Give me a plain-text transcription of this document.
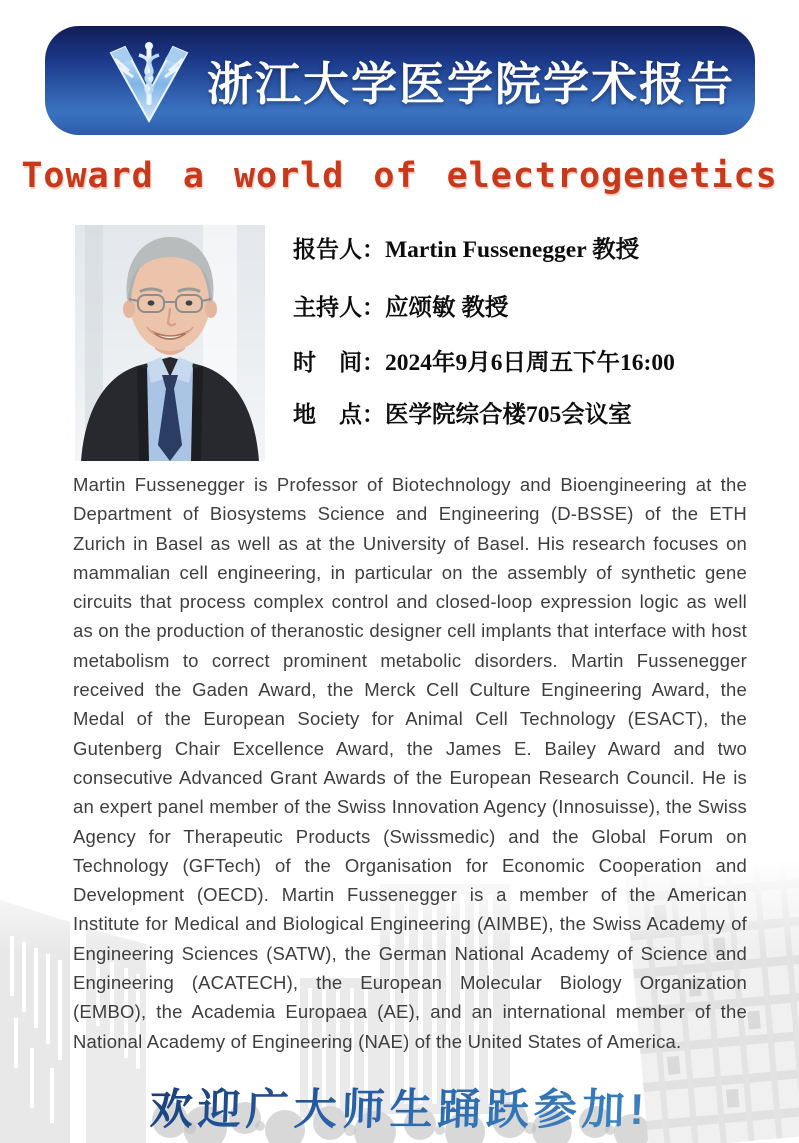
浙江大学医学院学术报告
Toward a world of electrogenetics
报告人：Martin Fussenegger 教授
主持人：应颂敏 教授
时　间：2024年9月6日周五下午16:00
地　点：医学院综合楼705会议室
Martin Fussenegger is Professor of Biotechnology and Bioengineering at the Department of Biosystems Science and Engineering (D-BSSE) of the ETH Zurich in Basel as well as at the University of Basel. His research focuses on mammalian cell engineering, in particular on the assembly of synthetic gene circuits that process complex control and closed-loop expression logic as well as on the production of theranostic designer cell implants that interface with host metabolism to correct prominent metabolic disorders. Martin Fussenegger received the Gaden Award, the Merck Cell Culture Engineering Award, the Medal of the European Society for Animal Cell Technology (ESACT), the Gutenberg Chair Excellence Award, the James E. Bailey Award and two consecutive Advanced Grant Awards of the European Research Council. He is an expert panel member of the Swiss Innovation Agency (Innosuisse), the Swiss Agency for Therapeutic Products (Swissmedic) and the Global Forum on Technology (GFTech) of the Organisation for Economic Cooperation and Development (OECD). Martin Fussenegger is a member of the American Institute for Medical and Biological Engineering (AIMBE), the Swiss Academy of Engineering Sciences (SATW), the German National Academy of Science and Engineering (ACATECH), the European Molecular Biology Organization (EMBO), the Academia Europaea (AE), and an international member of the National Academy of Engineering (NAE) of the United States of America.
欢迎广大师生踊跃参加!
